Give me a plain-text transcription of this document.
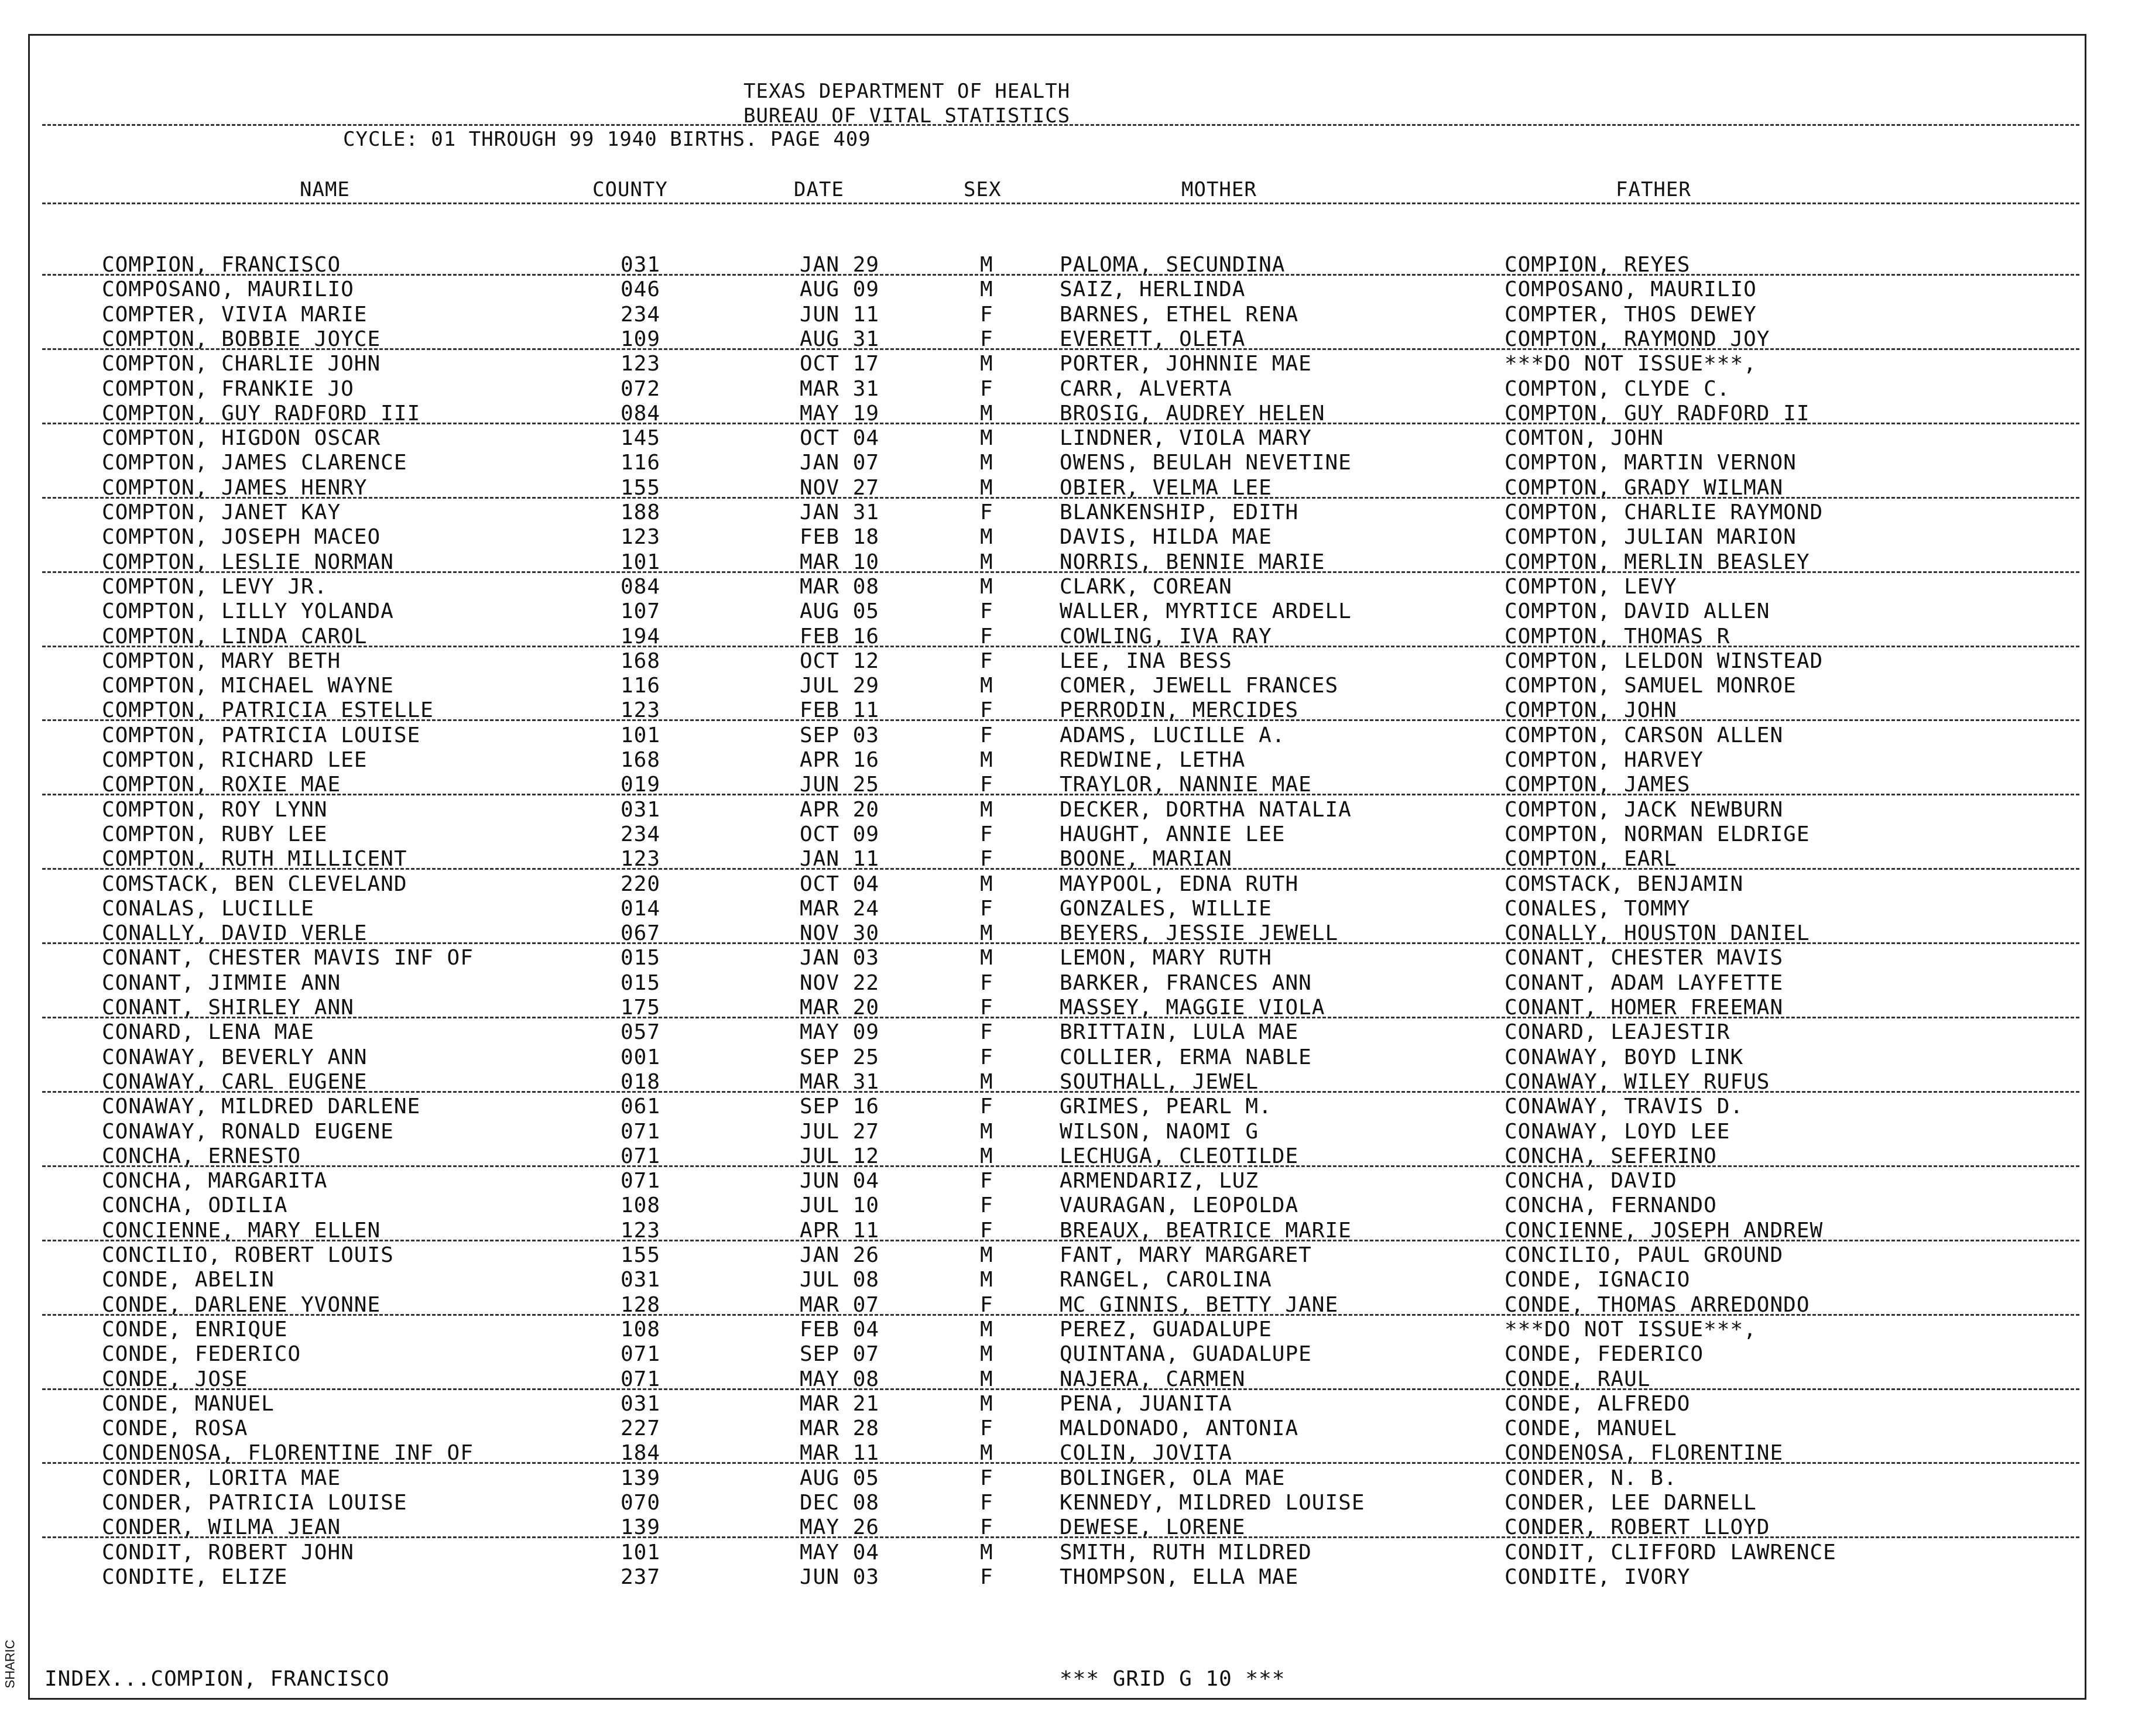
TEXAS DEPARTMENT OF HEALTH
BUREAU OF VITAL STATISTICS
CYCLE: 01 THROUGH 99 1940 BIRTHS. PAGE 409
NAME	COUNTY	DATE	SEX	MOTHER	FATHER
COMPION, FRANCISCO	031	JAN 29	M	PALOMA, SECUNDINA	COMPION, REYES
COMPOSANO, MAURILIO	046	AUG 09	M	SAIZ, HERLINDA	COMPOSANO, MAURILIO
COMPTER, VIVIA MARIE	234	JUN 11	F	BARNES, ETHEL RENA	COMPTER, THOS DEWEY
COMPTON, BOBBIE JOYCE	109	AUG 31	F	EVERETT, OLETA	COMPTON, RAYMOND JOY
COMPTON, CHARLIE JOHN	123	OCT 17	M	PORTER, JOHNNIE MAE	***DO NOT ISSUE***,
COMPTON, FRANKIE JO	072	MAR 31	F	CARR, ALVERTA	COMPTON, CLYDE C.
COMPTON, GUY RADFORD III	084	MAY 19	M	BROSIG, AUDREY HELEN	COMPTON, GUY RADFORD II
COMPTON, HIGDON OSCAR	145	OCT 04	M	LINDNER, VIOLA MARY	COMTON, JOHN
COMPTON, JAMES CLARENCE	116	JAN 07	M	OWENS, BEULAH NEVETINE	COMPTON, MARTIN VERNON
COMPTON, JAMES HENRY	155	NOV 27	M	OBIER, VELMA LEE	COMPTON, GRADY WILMAN
COMPTON, JANET KAY	188	JAN 31	F	BLANKENSHIP, EDITH	COMPTON, CHARLIE RAYMOND
COMPTON, JOSEPH MACEO	123	FEB 18	M	DAVIS, HILDA MAE	COMPTON, JULIAN MARION
COMPTON, LESLIE NORMAN	101	MAR 10	M	NORRIS, BENNIE MARIE	COMPTON, MERLIN BEASLEY
COMPTON, LEVY JR.	084	MAR 08	M	CLARK, COREAN	COMPTON, LEVY
COMPTON, LILLY YOLANDA	107	AUG 05	F	WALLER, MYRTICE ARDELL	COMPTON, DAVID ALLEN
COMPTON, LINDA CAROL	194	FEB 16	F	COWLING, IVA RAY	COMPTON, THOMAS R
COMPTON, MARY BETH	168	OCT 12	F	LEE, INA BESS	COMPTON, LELDON WINSTEAD
COMPTON, MICHAEL WAYNE	116	JUL 29	M	COMER, JEWELL FRANCES	COMPTON, SAMUEL MONROE
COMPTON, PATRICIA ESTELLE	123	FEB 11	F	PERRODIN, MERCIDES	COMPTON, JOHN
COMPTON, PATRICIA LOUISE	101	SEP 03	F	ADAMS, LUCILLE A.	COMPTON, CARSON ALLEN
COMPTON, RICHARD LEE	168	APR 16	M	REDWINE, LETHA	COMPTON, HARVEY
COMPTON, ROXIE MAE	019	JUN 25	F	TRAYLOR, NANNIE MAE	COMPTON, JAMES
COMPTON, ROY LYNN	031	APR 20	M	DECKER, DORTHA NATALIA	COMPTON, JACK NEWBURN
COMPTON, RUBY LEE	234	OCT 09	F	HAUGHT, ANNIE LEE	COMPTON, NORMAN ELDRIGE
COMPTON, RUTH MILLICENT	123	JAN 11	F	BOONE, MARIAN	COMPTON, EARL
COMSTACK, BEN CLEVELAND	220	OCT 04	M	MAYPOOL, EDNA RUTH	COMSTACK, BENJAMIN
CONALAS, LUCILLE	014	MAR 24	F	GONZALES, WILLIE	CONALES, TOMMY
CONALLY, DAVID VERLE	067	NOV 30	M	BEYERS, JESSIE JEWELL	CONALLY, HOUSTON DANIEL
CONANT, CHESTER MAVIS INF OF	015	JAN 03	M	LEMON, MARY RUTH	CONANT, CHESTER MAVIS
CONANT, JIMMIE ANN	015	NOV 22	F	BARKER, FRANCES ANN	CONANT, ADAM LAYFETTE
CONANT, SHIRLEY ANN	175	MAR 20	F	MASSEY, MAGGIE VIOLA	CONANT, HOMER FREEMAN
CONARD, LENA MAE	057	MAY 09	F	BRITTAIN, LULA MAE	CONARD, LEAJESTIR
CONAWAY, BEVERLY ANN	001	SEP 25	F	COLLIER, ERMA NABLE	CONAWAY, BOYD LINK
CONAWAY, CARL EUGENE	018	MAR 31	M	SOUTHALL, JEWEL	CONAWAY, WILEY RUFUS
CONAWAY, MILDRED DARLENE	061	SEP 16	F	GRIMES, PEARL M.	CONAWAY, TRAVIS D.
CONAWAY, RONALD EUGENE	071	JUL 27	M	WILSON, NAOMI G	CONAWAY, LOYD LEE
CONCHA, ERNESTO	071	JUL 12	M	LECHUGA, CLEOTILDE	CONCHA, SEFERINO
CONCHA, MARGARITA	071	JUN 04	F	ARMENDARIZ, LUZ	CONCHA, DAVID
CONCHA, ODILIA	108	JUL 10	F	VAURAGAN, LEOPOLDA	CONCHA, FERNANDO
CONCIENNE, MARY ELLEN	123	APR 11	F	BREAUX, BEATRICE MARIE	CONCIENNE, JOSEPH ANDREW
CONCILIO, ROBERT LOUIS	155	JAN 26	M	FANT, MARY MARGARET	CONCILIO, PAUL GROUND
CONDE, ABELIN	031	JUL 08	M	RANGEL, CAROLINA	CONDE, IGNACIO
CONDE, DARLENE YVONNE	128	MAR 07	F	MC GINNIS, BETTY JANE	CONDE, THOMAS ARREDONDO
CONDE, ENRIQUE	108	FEB 04	M	PEREZ, GUADALUPE	***DO NOT ISSUE***,
CONDE, FEDERICO	071	SEP 07	M	QUINTANA, GUADALUPE	CONDE, FEDERICO
CONDE, JOSE	071	MAY 08	M	NAJERA, CARMEN	CONDE, RAUL
CONDE, MANUEL	031	MAR 21	M	PENA, JUANITA	CONDE, ALFREDO
CONDE, ROSA	227	MAR 28	F	MALDONADO, ANTONIA	CONDE, MANUEL
CONDENOSA, FLORENTINE INF OF	184	MAR 11	M	COLIN, JOVITA	CONDENOSA, FLORENTINE
CONDER, LORITA MAE	139	AUG 05	F	BOLINGER, OLA MAE	CONDER, N. B.
CONDER, PATRICIA LOUISE	070	DEC 08	F	KENNEDY, MILDRED LOUISE	CONDER, LEE DARNELL
CONDER, WILMA JEAN	139	MAY 26	F	DEWESE, LORENE	CONDER, ROBERT LLOYD
CONDIT, ROBERT JOHN	101	MAY 04	M	SMITH, RUTH MILDRED	CONDIT, CLIFFORD LAWRENCE
CONDITE, ELIZE	237	JUN 03	F	THOMPSON, ELLA MAE	CONDITE, IVORY
INDEX...COMPION, FRANCISCO	*** GRID G 10 ***
SHARIC
